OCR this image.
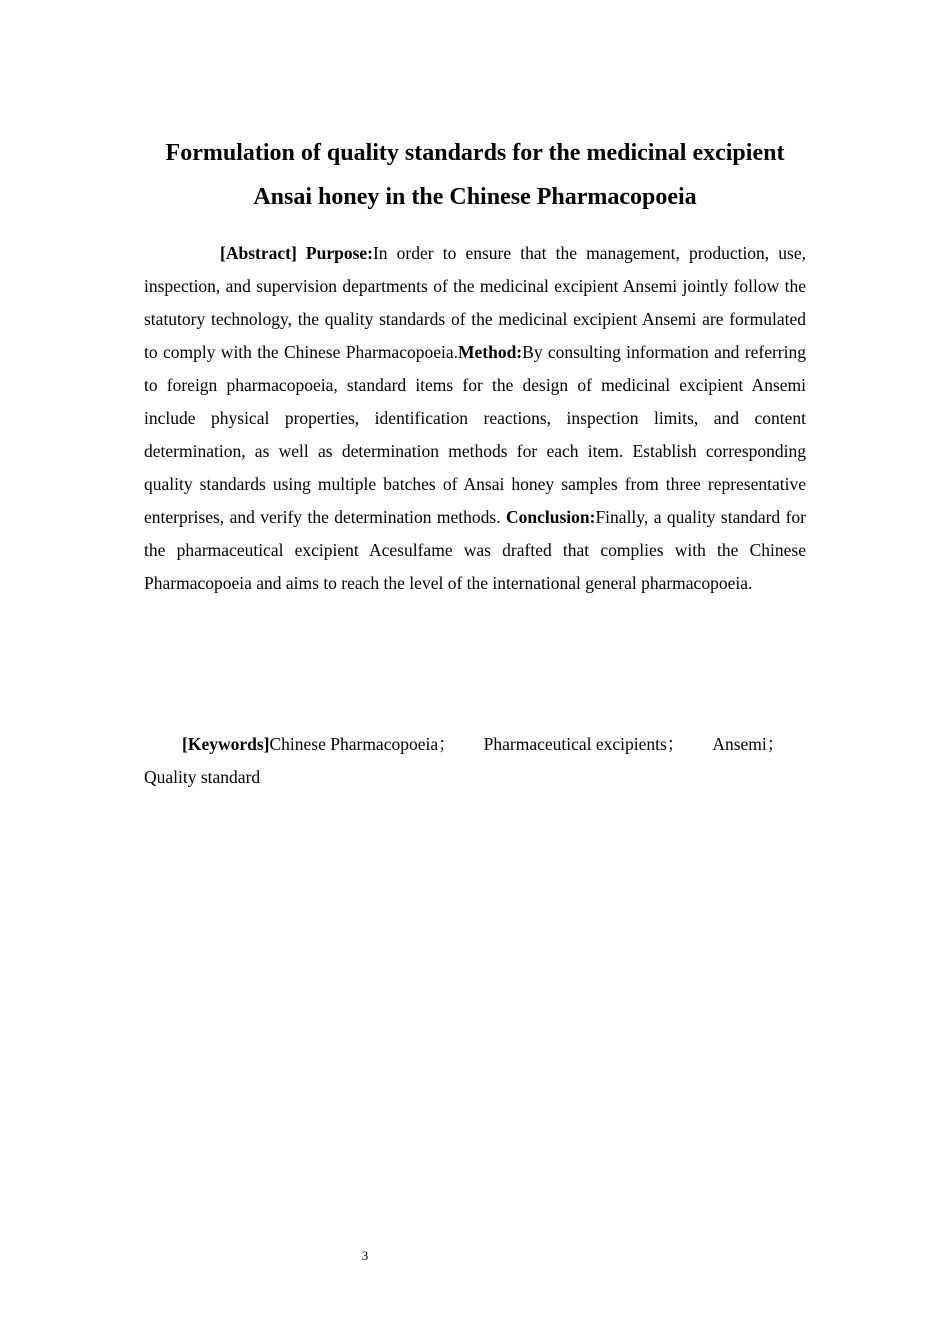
Formulation of quality standards for the medicinal excipient Ansai honey in the Chinese Pharmacopoeia

[Abstract] Purpose:In order to ensure that the management, production, use, inspection, and supervision departments of the medicinal excipient Ansemi jointly follow the statutory technology, the quality standards of the medicinal excipient Ansemi are formulated to comply with the Chinese Pharmacopoeia.Method:By consulting information and referring to foreign pharmacopoeia, standard items for the design of medicinal excipient Ansemi include physical properties, identification reactions, inspection limits, and content determination, as well as determination methods for each item. Establish corresponding quality standards using multiple batches of Ansai honey samples from three representative enterprises, and verify the determination methods. Conclusion:Finally, a quality standard for the pharmaceutical excipient Acesulfame was drafted that complies with the Chinese Pharmacopoeia and aims to reach the level of the international general pharmacopoeia.

[Keywords]Chinese Pharmacopoeia； Pharmaceutical excipients； Ansemi； Quality standard

3
